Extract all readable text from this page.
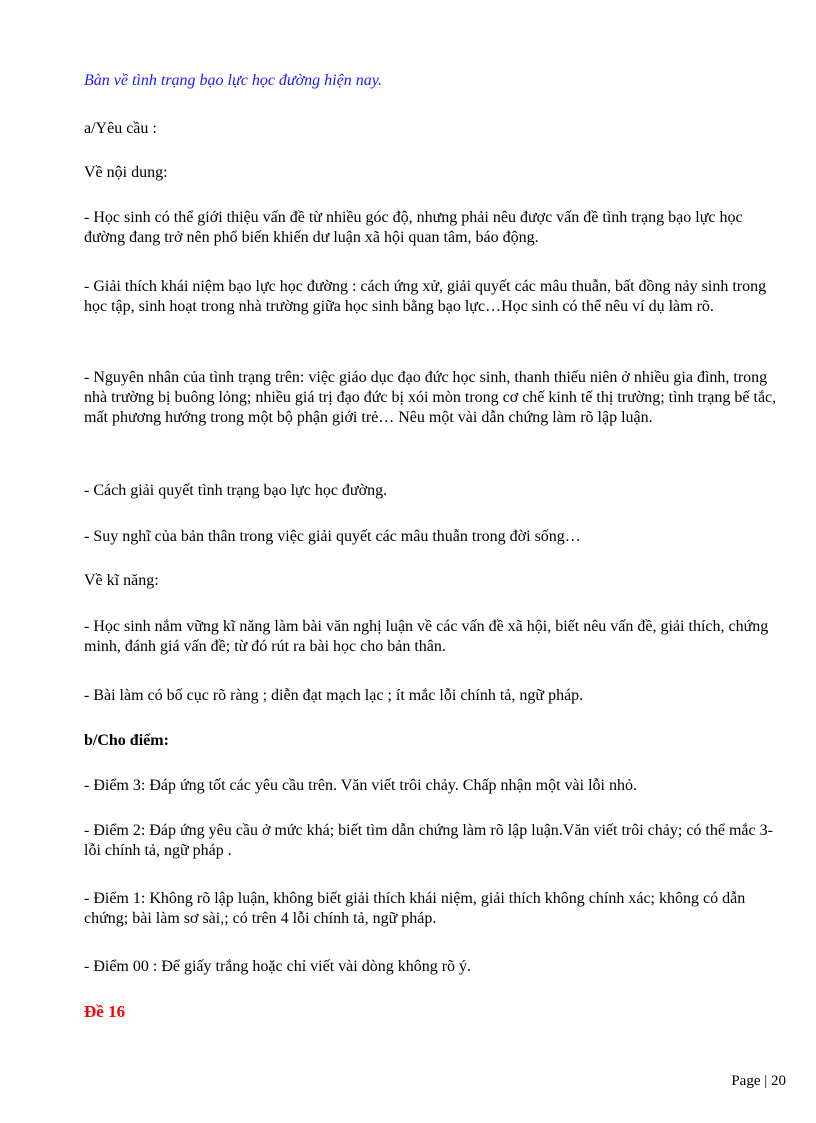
Bàn về tình trạng bạo lực học đường hiện nay.

a/Yêu cầu :

Về nội dung:

- Học sinh có thể giới thiệu vấn đề từ nhiều góc độ, nhưng phải nêu được vấn đề tình trạng bạo lực học đường đang trở nên phổ biến khiến dư luận xã hội quan tâm, báo động.

- Giải thích khái niệm bạo lực học đường : cách ứng xử, giải quyết các mâu thuẫn, bất đồng nảy sinh trong học tập, sinh hoạt trong nhà trường giữa học sinh bằng bạo lực…Học sinh có thể nêu ví dụ làm rõ.

- Nguyên nhân của tình trạng trên: việc giáo dục đạo đức học sinh, thanh thiếu niên ở nhiều gia đình, trong nhà trường bị buông lỏng; nhiều giá trị đạo đức bị xói mòn trong cơ chế kinh tế thị trường; tình trạng bế tắc, mất phương hướng trong một bộ phận giới trẻ… Nêu một vài dẫn chứng làm rõ lập luận.

- Cách giải quyết tình trạng bạo lực học đường.

- Suy nghĩ của bản thân trong việc giải quyết các mâu thuẫn trong đời sống…

Về kĩ năng:

- Học sinh nắm vững kĩ năng làm bài văn nghị luận về các vấn đề xã hội, biết nêu vấn đề, giải thích, chứng minh, đánh giá vấn đề; từ đó rút ra bài học cho bản thân.

- Bài làm có bố cục rõ ràng ; diễn đạt mạch lạc ; ít mắc lỗi chính tả, ngữ pháp.

b/Cho điểm:

- Điểm 3: Đáp ứng tốt các yêu cầu trên. Văn viết trôi chảy. Chấp nhận một vài lỗi nhỏ.

- Điểm 2: Đáp ứng yêu cầu ở mức khá; biết tìm dẫn chứng làm rõ lập luận.Văn viết trôi chảy; có thể mắc 3- lỗi chính tả, ngữ pháp .

- Điểm 1: Không rõ lập luận, không biết giải thích khái niệm, giải thích không chính xác; không có dẫn chứng; bài làm sơ sài,; có trên 4 lỗi chính tả, ngữ pháp.

- Điểm 00 : Để giấy trắng hoặc chỉ viết vài dòng không rõ ý.

Đề 16

Page | 20
